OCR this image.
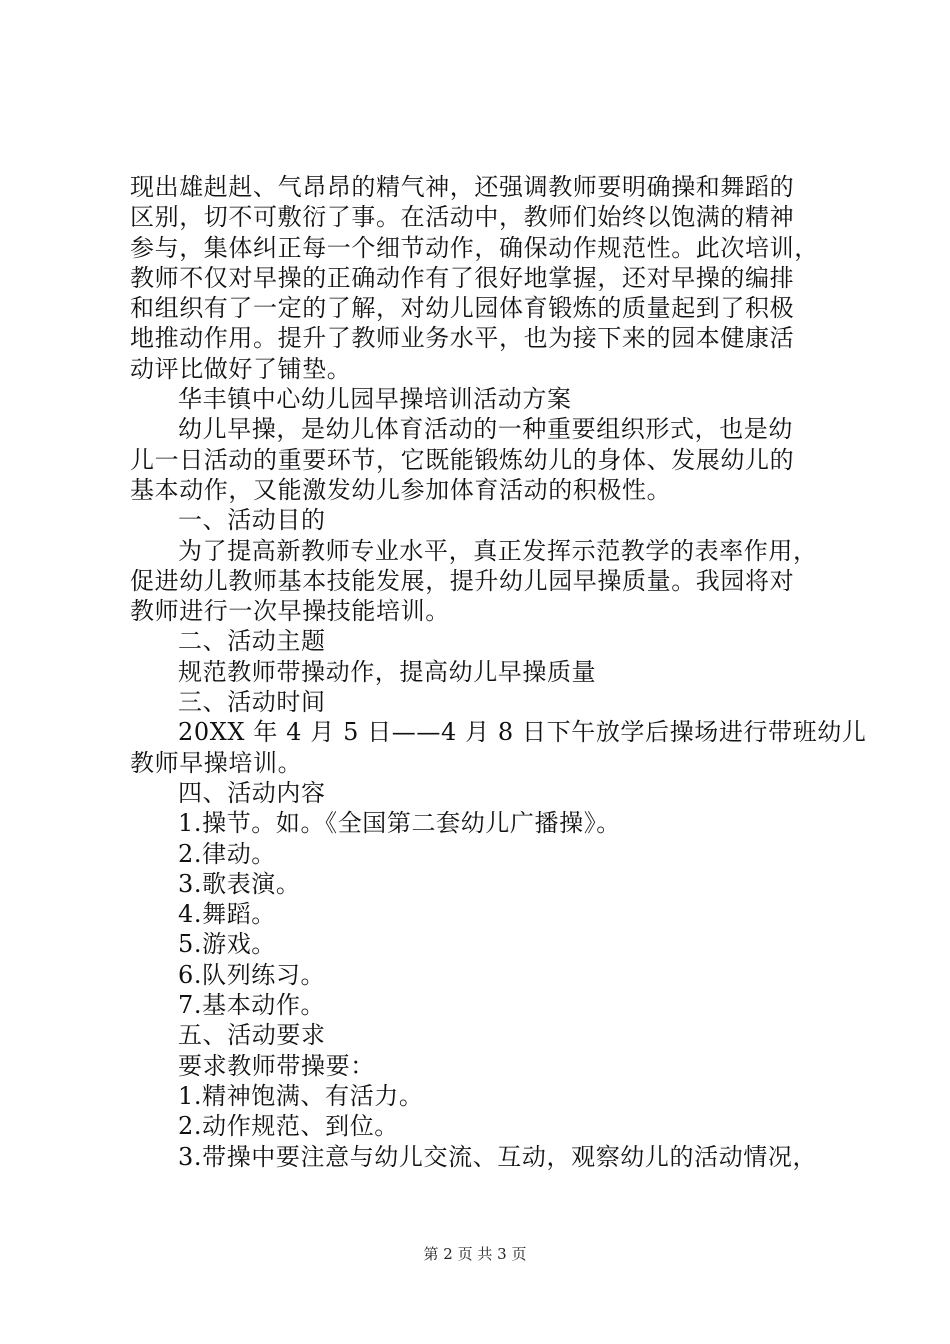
现出雄赳赳、气昂昂的精气神，还强调教师要明确操和舞蹈的
区别，切不可敷衍了事。在活动中，教师们始终以饱满的精神
参与，集体纠正每一个细节动作，确保动作规范性。此次培训，
教师不仅对早操的正确动作有了很好地掌握，还对早操的编排
和组织有了一定的了解，对幼儿园体育锻炼的质量起到了积极
地推动作用。提升了教师业务水平，也为接下来的园本健康活
动评比做好了铺垫。
华丰镇中心幼儿园早操培训活动方案
幼儿早操，是幼儿体育活动的一种重要组织形式，也是幼
儿一日活动的重要环节，它既能锻炼幼儿的身体、发展幼儿的
基本动作，又能激发幼儿参加体育活动的积极性。
一、活动目的
为了提高新教师专业水平，真正发挥示范教学的表率作用，
促进幼儿教师基本技能发展，提升幼儿园早操质量。我园将对
教师进行一次早操技能培训。
二、活动主题
规范教师带操动作，提高幼儿早操质量
三、活动时间
20XX 年 4 月 5 日——4 月 8 日下午放学后操场进行带班幼儿
教师早操培训。
四、活动内容
1.操节。如。《全国第二套幼儿广播操》。
2.律动。
3.歌表演。
4.舞蹈。
5.游戏。
6.队列练习。
7.基本动作。
五、活动要求
要求教师带操要：
1.精神饱满、有活力。
2.动作规范、到位。
3.带操中要注意与幼儿交流、互动，观察幼儿的活动情况，
第 2 页 共 3 页
